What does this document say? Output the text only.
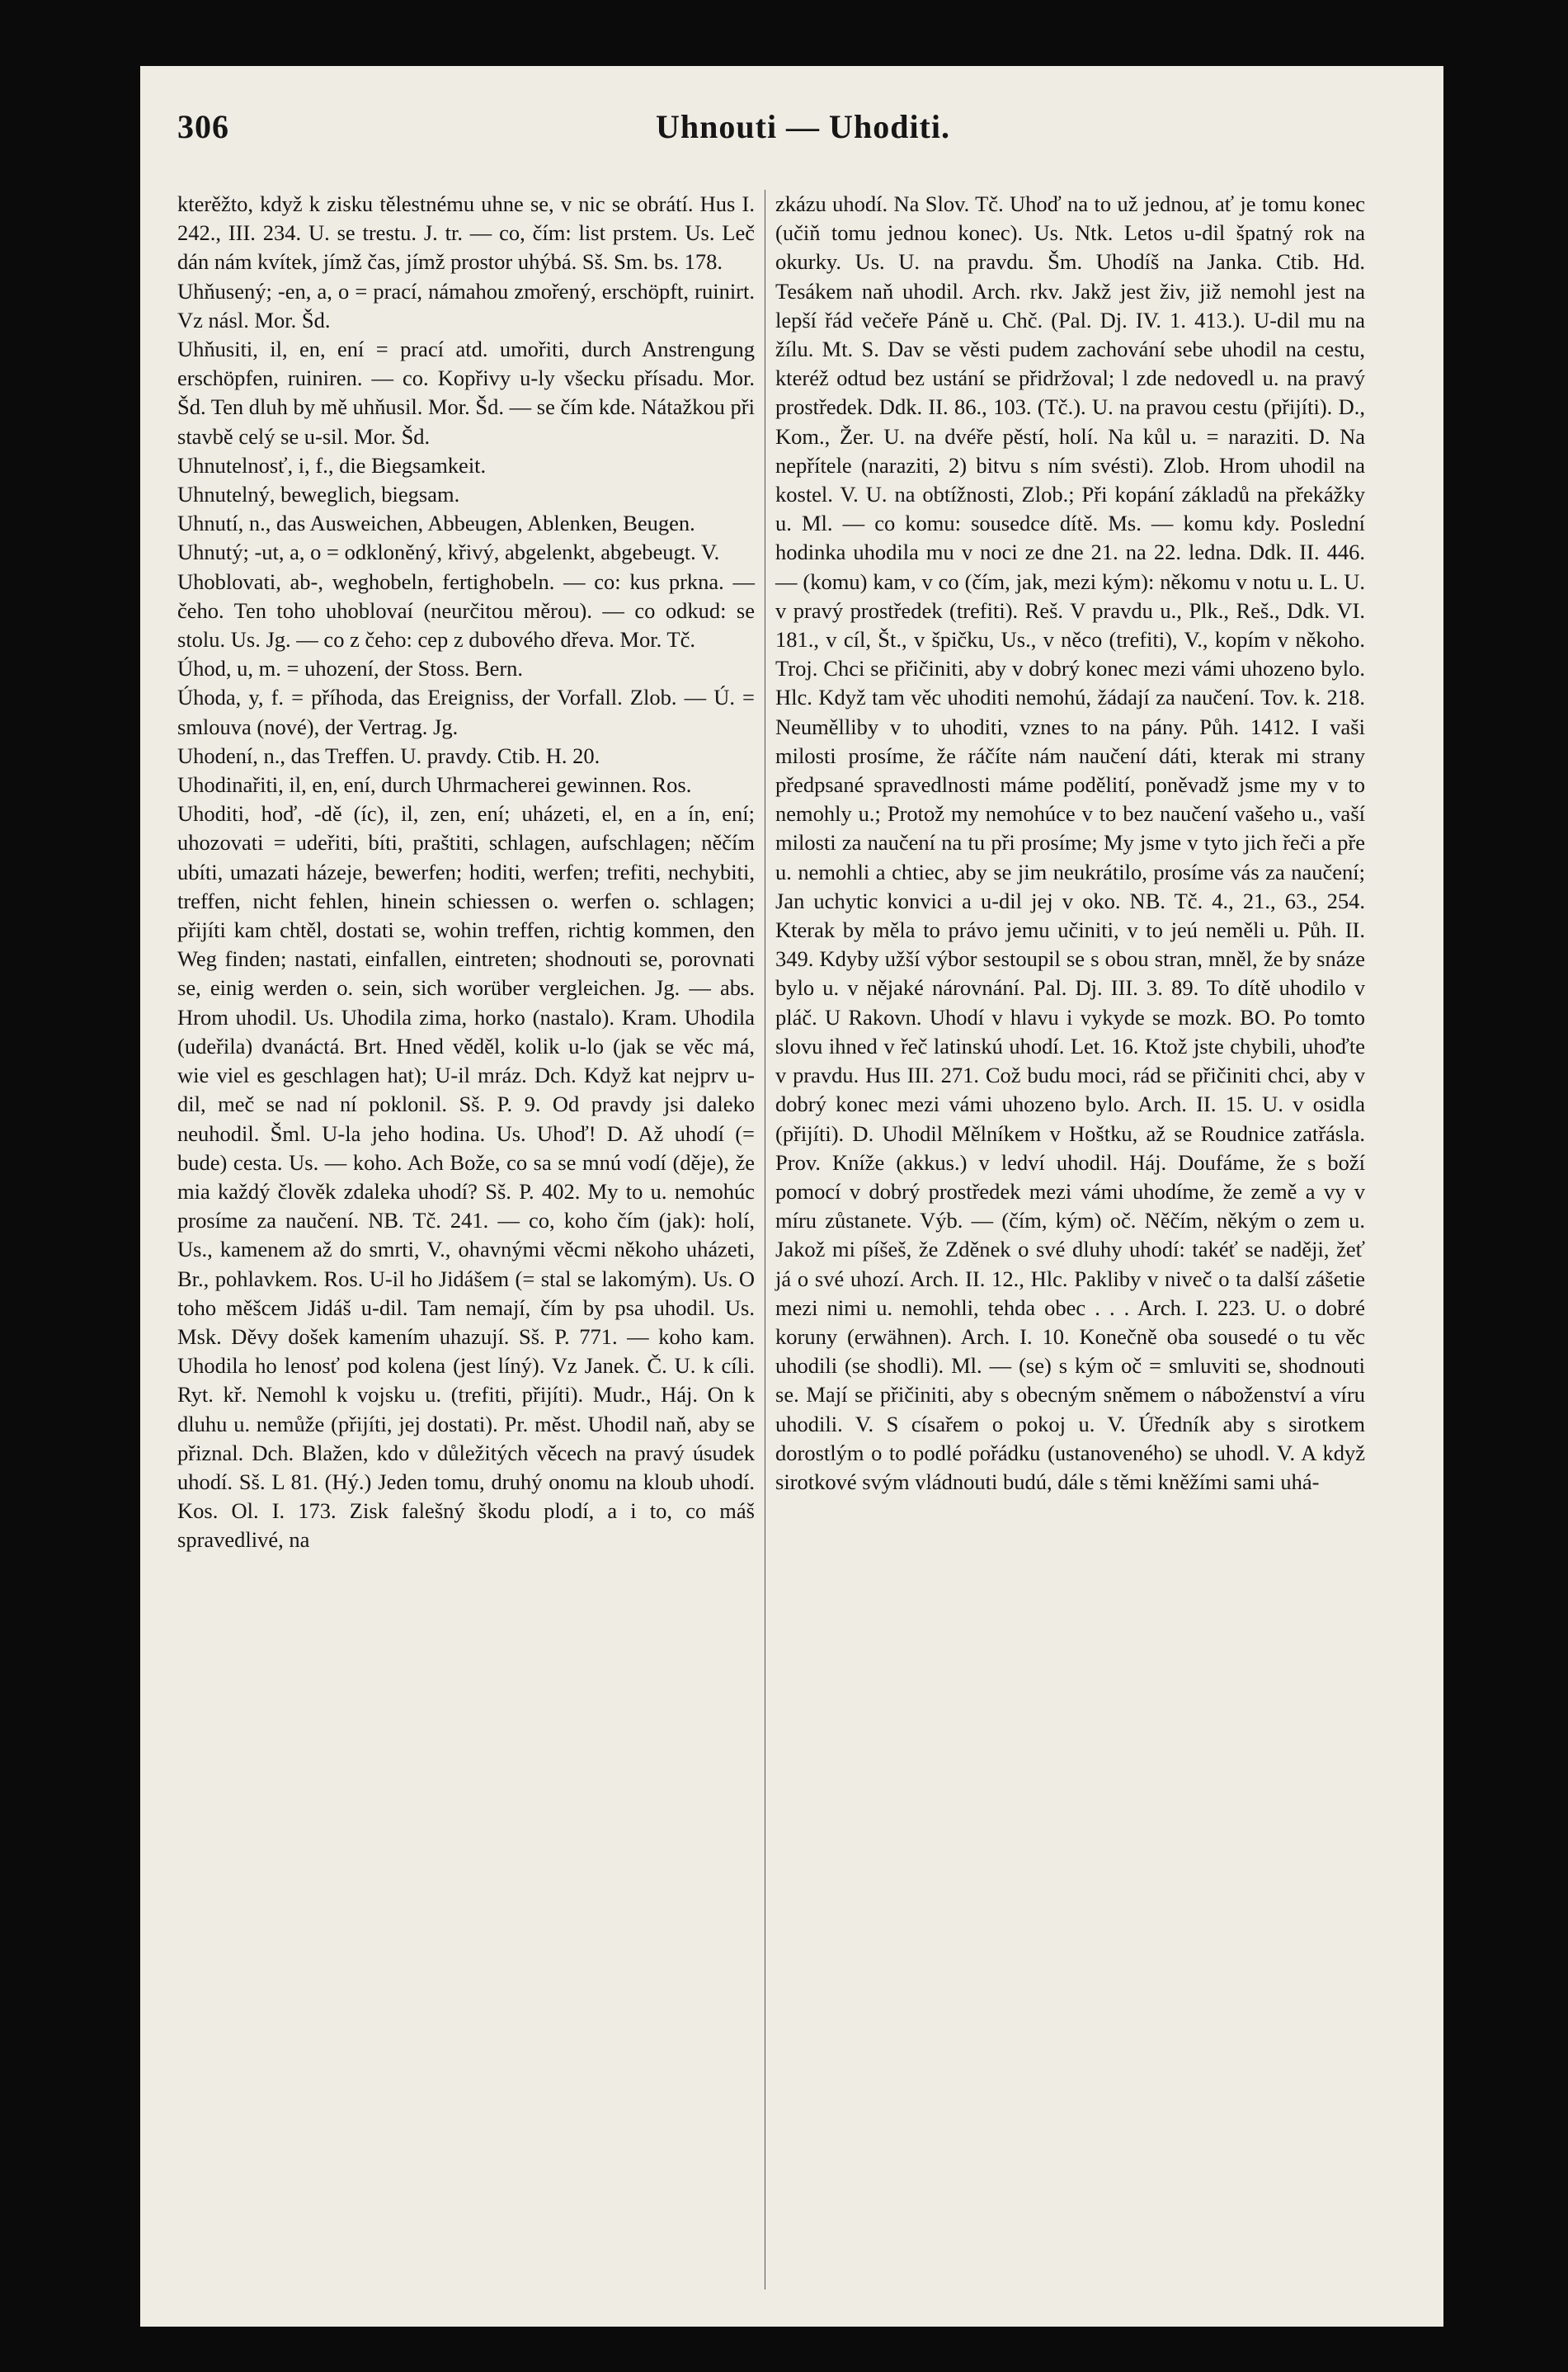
306	Uhnouti — Uhoditi.

kterěžto, když k zisku tělestnému uhne se, v nic se obrátí. Hus I. 242., III. 234. U. se trestu. J. tr. — co, čím: list prstem. Us. Leč dán nám kvítek, jímž čas, jímž prostor uhýbá. Sš. Sm. bs. 178.

Uhňusený; -en, a, o = prací, námahou zmořený, erschöpft, ruinirt. Vz násl. Mor. Šd.

Uhňusiti, il, en, ení = prací atd. umořiti, durch Anstrengung erschöpfen, ruiniren. — co. Kopřivy u-ly všecku přísadu. Mor. Šd. Ten dluh by mě uhňusil. Mor. Šd. — se čím kde. Nátažkou při stavbě celý se u-sil. Mor. Šd.

Uhnutelnosť, i, f., die Biegsamkeit.

Uhnutelný, beweglich, biegsam.

Uhnutí, n., das Ausweichen, Abbeugen, Ablenken, Beugen.

Uhnutý; -ut, a, o = odkloněný, křivý, abgelenkt, abgebeugt. V.

Uhoblovati, ab-, weghobeln, fertighobeln. — co: kus prkna. — čeho. Ten toho uhoblovaí (neurčitou měrou). — co odkud: se stolu. Us. Jg. — co z čeho: cep z dubového dřeva. Mor. Tč.

Úhod, u, m. = uhození, der Stoss. Bern.

Úhoda, y, f. = příhoda, das Ereigniss, der Vorfall. Zlob. — Ú. = smlouva (nové), der Vertrag. Jg.

Uhodení, n., das Treffen. U. pravdy. Ctib. H. 20.

Uhodinařiti, il, en, ení, durch Uhrmacherei gewinnen. Ros.

Uhoditi, hoď, -dě (íc), il, zen, ení; uházeti, el, en a ín, ení; uhozovati = udeřiti, bíti, praštiti, schlagen, aufschlagen; něčím ubíti, umazati házeje, bewerfen; hoditi, werfen; trefiti, nechybiti, treffen, nicht fehlen, hinein schiessen o. werfen o. schlagen; přijíti kam chtěl, dostati se, wohin treffen, richtig kommen, den Weg finden; nastati, einfallen, eintreten; shodnouti se, porovnati se, einig werden o. sein, sich worüber vergleichen. Jg. — abs. Hrom uhodil. Us. Uhodila zima, horko (nastalo). Kram. Uhodila (udeřila) dvanáctá. Brt. Hned věděl, kolik u-lo (jak se věc má, wie viel es geschlagen hat); U-il mráz. Dch. Když kat nejprv u-dil, meč se nad ní poklonil. Sš. P. 9. Od pravdy jsi daleko neuhodil. Šml. U-la jeho hodina. Us. Uhoď! D. Až uhodí (= bude) cesta. Us. — koho. Ach Bože, co sa se mnú vodí (děje), že mia každý člověk zdaleka uhodí? Sš. P. 402. My to u. nemohúc prosíme za naučení. NB. Tč. 241. — co, koho čím (jak): holí, Us., kamenem až do smrti, V., ohavnými věcmi někoho uházeti, Br., pohlavkem. Ros. U-il ho Jidášem (= stal se lakomým). Us. O toho měšcem Jidáš u-dil. Tam nemají, čím by psa uhodil. Us. Msk. Děvy došek kamením uhazují. Sš. P. 771. — koho kam. Uhodila ho lenosť pod kolena (jest líný). Vz Janek. Č. U. k cíli. Ryt. kř. Nemohl k vojsku u. (trefiti, přijíti). Mudr., Háj. On k dluhu u. nemůže (přijíti, jej dostati). Pr. měst. Uhodil naň, aby se přiznal. Dch. Blažen, kdo v důležitých věcech na pravý úsudek uhodí. Sš. L 81. (Hý.) Jeden tomu, druhý onomu na kloub uhodí. Kos. Ol. I. 173. Zisk falešný škodu plodí, a i to, co máš spravedlivé, na

zkázu uhodí. Na Slov. Tč. Uhoď na to už jednou, ať je tomu konec (učiň tomu jednou konec). Us. Ntk. Letos u-dil špatný rok na okurky. Us. U. na pravdu. Šm. Uhodíš na Janka. Ctib. Hd. Tesákem naň uhodil. Arch. rkv. Jakž jest živ, již nemohl jest na lepší řád večeře Páně u. Chč. (Pal. Dj. IV. 1. 413.). U-dil mu na žílu. Mt. S. Dav se věsti pudem zachování sebe uhodil na cestu, kteréž odtud bez ustání se přidržoval; l zde nedovedl u. na pravý prostředek. Ddk. II. 86., 103. (Tč.). U. na pravou cestu (přijíti). D., Kom., Žer. U. na dvéře pěstí, holí. Na kůl u. = naraziti. D. Na nepřítele (naraziti, 2) bitvu s ním svésti). Zlob. Hrom uhodil na kostel. V. U. na obtížnosti, Zlob.; Při kopání základů na překážky u. Ml. — co komu: sousedce dítě. Ms. — komu kdy. Poslední hodinka uhodila mu v noci ze dne 21. na 22. ledna. Ddk. II. 446. — (komu) kam, v co (čím, jak, mezi kým): někomu v notu u. L. U. v pravý prostředek (trefiti). Reš. V pravdu u., Plk., Reš., Ddk. VI. 181., v cíl, Št., v špičku, Us., v něco (trefiti), V., kopím v někoho. Troj. Chci se přičiniti, aby v dobrý konec mezi vámi uhozeno bylo. Hlc. Když tam věc uhoditi nemohú, žádají za naučení. Tov. k. 218. Neumělliby v to uhoditi, vznes to na pány. Půh. 1412. I vaši milosti prosíme, že ráčíte nám naučení dáti, kterak mi strany předpsané spravedlnosti máme podělití, poněvadž jsme my v to nemohly u.; Protož my nemohúce v to bez naučení vašeho u., vaší milosti za naučení na tu při prosíme; My jsme v tyto jich řeči a pře u. nemohli a chtiec, aby se jim neukrátilo, prosíme vás za naučení; Jan uchytic konvici a u-dil jej v oko. NB. Tč. 4., 21., 63., 254. Kterak by měla to právo jemu učiniti, v to jeú neměli u. Půh. II. 349. Kdyby užší výbor sestoupil se s obou stran, mněl, že by snáze bylo u. v nějaké nárovnání. Pal. Dj. III. 3. 89. To dítě uhodilo v pláč. U Rakovn. Uhodí v hlavu i vykyde se mozk. BO. Po tomto slovu ihned v řeč latinskú uhodí. Let. 16. Ktož jste chybili, uhoďte v pravdu. Hus III. 271. Což budu moci, rád se přičiniti chci, aby v dobrý konec mezi vámi uhozeno bylo. Arch. II. 15. U. v osidla (přijíti). D. Uhodil Mělníkem v Hoštku, až se Roudnice zatřásla. Prov. Kníže (akkus.) v ledví uhodil. Háj. Doufáme, že s boží pomocí v dobrý prostředek mezi vámi uhodíme, že země a vy v míru zůstanete. Výb. — (čím, kým) oč. Něčím, někým o zem u. Jakož mi píšeš, že Zděnek o své dluhy uhodí: takéť se naději, žeť já o své uhozí. Arch. II. 12., Hlc. Pakliby v niveč o ta další zášetie mezi nimi u. nemohli, tehda obec . . . Arch. I. 223. U. o dobré koruny (erwähnen). Arch. I. 10. Konečně oba sousedé o tu věc uhodili (se shodli). Ml. — (se) s kým oč = smluviti se, shodnouti se. Mají se přičiniti, aby s obecným sněmem o náboženství a víru uhodili. V. S císařem o pokoj u. V. Úředník aby s sirotkem dorostlým o to podlé pořádku (ustanoveného) se uhodl. V. A když sirotkové svým vládnouti budú, dále s těmi kněžími sami uhá-
